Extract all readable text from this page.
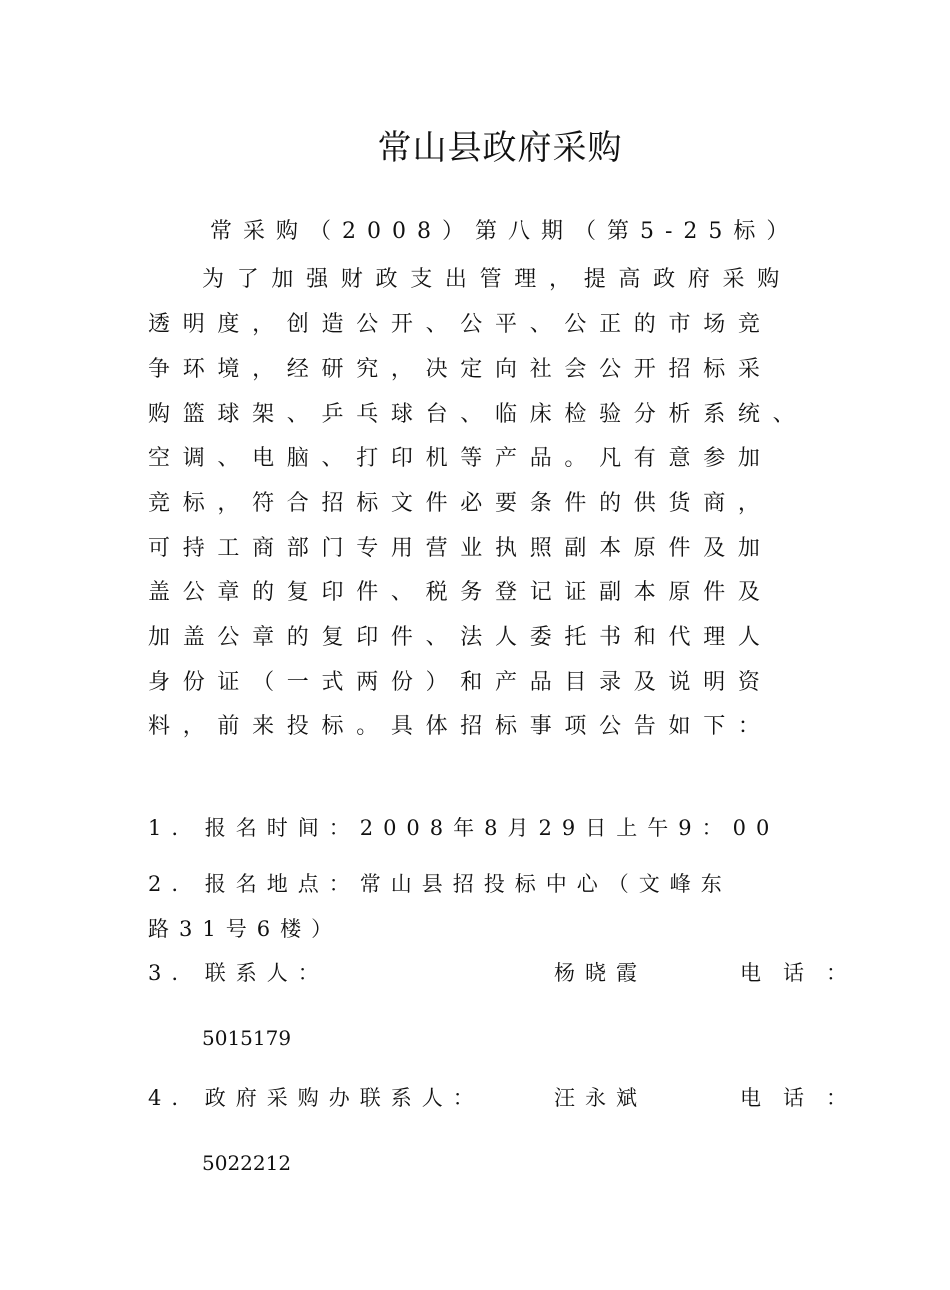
常山县政府采购
常采购（2008）第八期（第5-25标）
为了加强财政支出管理，提高政府采购
透明度，创造公开、公平、公正的市场竞
争环境，经研究，决定向社会公开招标采
购篮球架、乒乓球台、临床检验分析系统、
空调、电脑、打印机等产品。凡有意参加
竞标，符合招标文件必要条件的供货商，
可持工商部门专用营业执照副本原件及加
盖公章的复印件、税务登记证副本原件及
加盖公章的复印件、法人委托书和代理人
身份证（一式两份）和产品目录及说明资
料，前来投标。具体招标事项公告如下：
1. 报名时间：2008年8月29日上午9：00
2. 报名地点：常山县招投标中心（文峰东
路31号6楼）
3. 联系人：	杨晓霞	电话：
5015179
4. 政府采购办联系人：	汪永斌	电话：
5022212
